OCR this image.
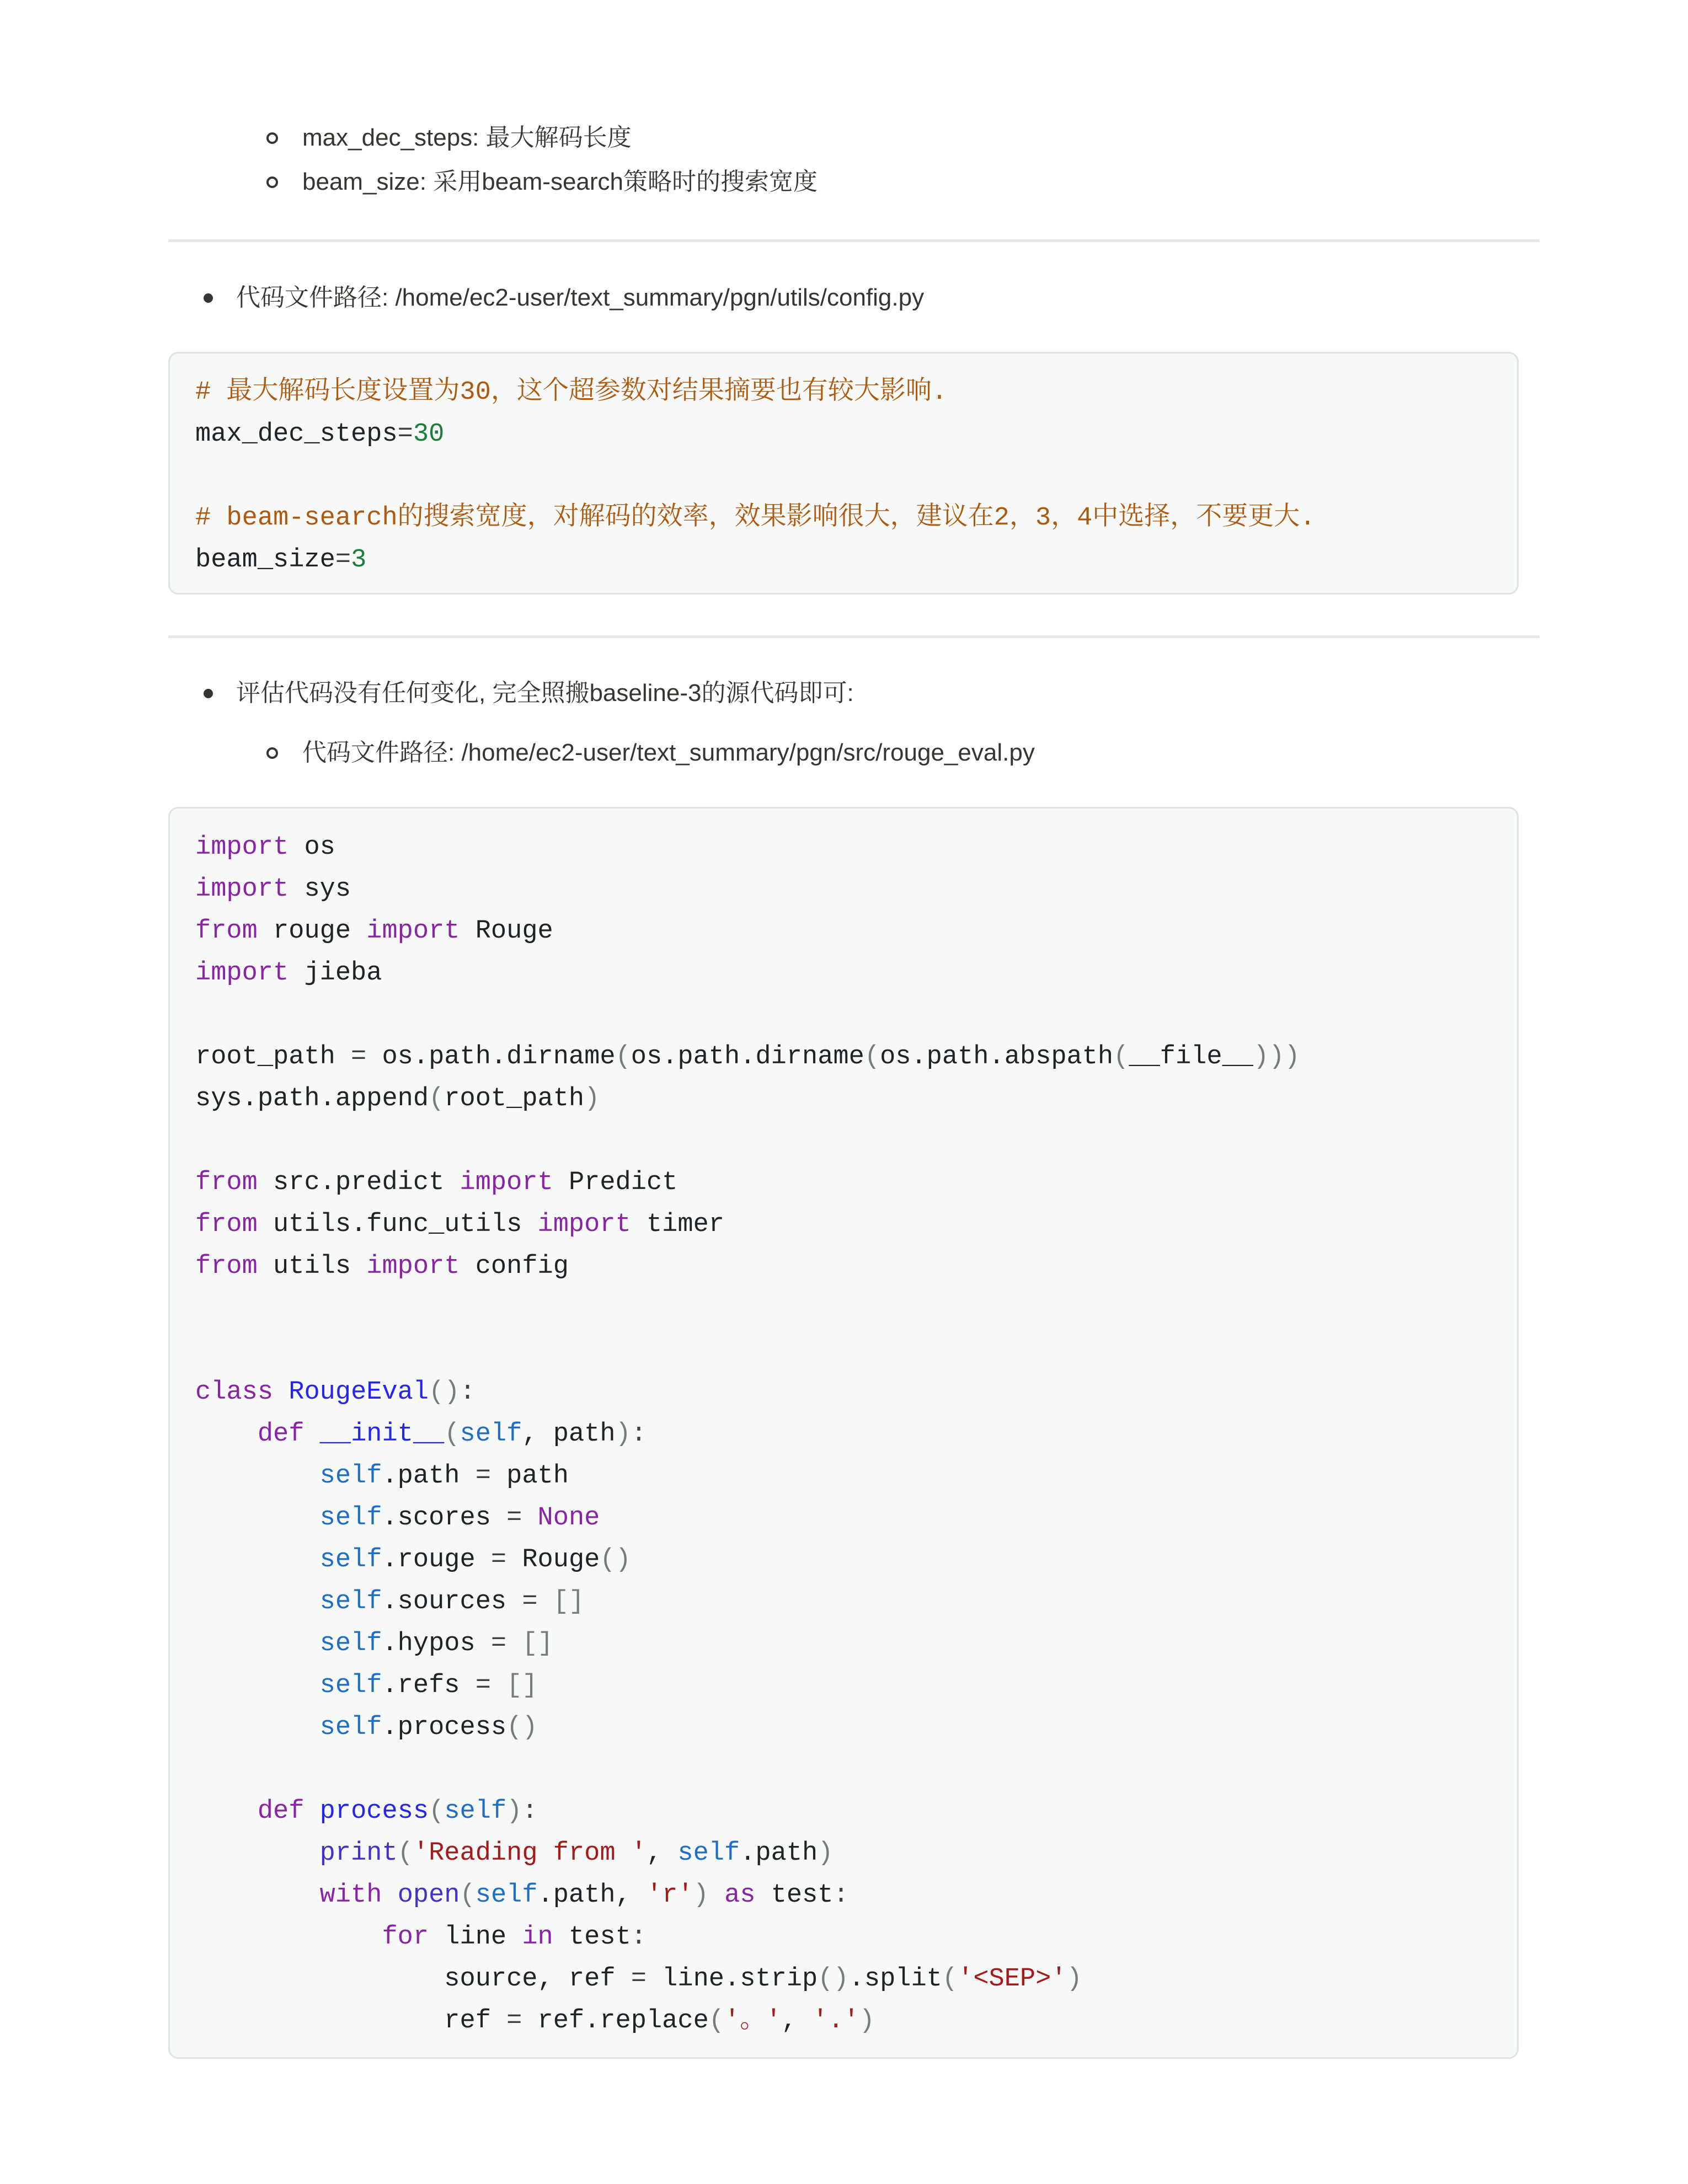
max_dec_steps: 最大解码长度
beam_size: 采用beam-search策略时的搜索宽度
代码文件路径: /home/ec2-user/text_summary/pgn/utils/config.py
# 最大解码长度设置为30，这个超参数对结果摘要也有较大影响.
max_dec_steps=30

# beam-search的搜索宽度，对解码的效率，效果影响很大，建议在2，3，4中选择，不要更大.
beam_size=3
评估代码没有任何变化, 完全照搬baseline-3的源代码即可:
代码文件路径: /home/ec2-user/text_summary/pgn/src/rouge_eval.py
import os
import sys
from rouge import Rouge
import jieba

root_path = os.path.dirname(os.path.dirname(os.path.abspath(__file__)))
sys.path.append(root_path)

from src.predict import Predict
from utils.func_utils import timer
from utils import config

class RougeEval():
def __init__(self, path):
self.path = path
self.scores = None
self.rouge = Rouge()
self.sources = []
self.hypos = []
self.refs = []
self.process()

def process(self):
print('Reading from ', self.path)
with open(self.path, 'r') as test:
for line in test:
source, ref = line.strip().split('<SEP>')
ref = ref.replace('。', '.')
